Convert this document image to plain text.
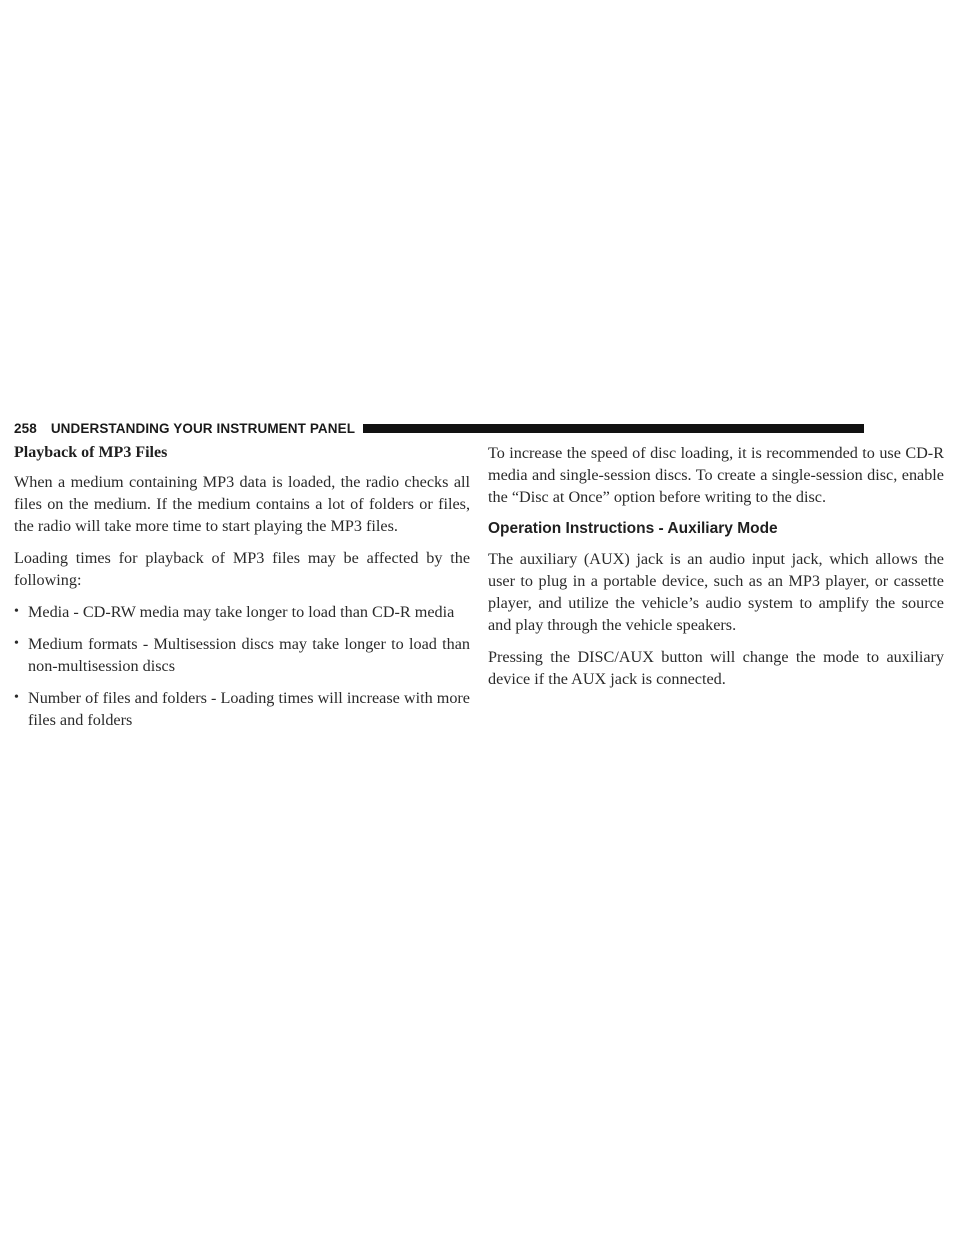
258	UNDERSTANDING YOUR INSTRUMENT PANEL
Playback of MP3 Files

When a medium containing MP3 data is loaded, the radio checks all files on the medium. If the medium contains a lot of folders or files, the radio will take more time to start playing the MP3 files.

Loading times for playback of MP3 files may be affected by the following:

• Media - CD-RW media may take longer to load than CD-R media
• Medium formats - Multisession discs may take longer to load than non-multisession discs
• Number of files and folders - Loading times will increase with more files and folders

To increase the speed of disc loading, it is recommended to use CD-R media and single-session discs. To create a single-session disc, enable the “Disc at Once” option before writing to the disc.

Operation Instructions - Auxiliary Mode

The auxiliary (AUX) jack is an audio input jack, which allows the user to plug in a portable device, such as an MP3 player, or cassette player, and utilize the vehicle’s audio system to amplify the source and play through the vehicle speakers.

Pressing the DISC/AUX button will change the mode to auxiliary device if the AUX jack is connected.
